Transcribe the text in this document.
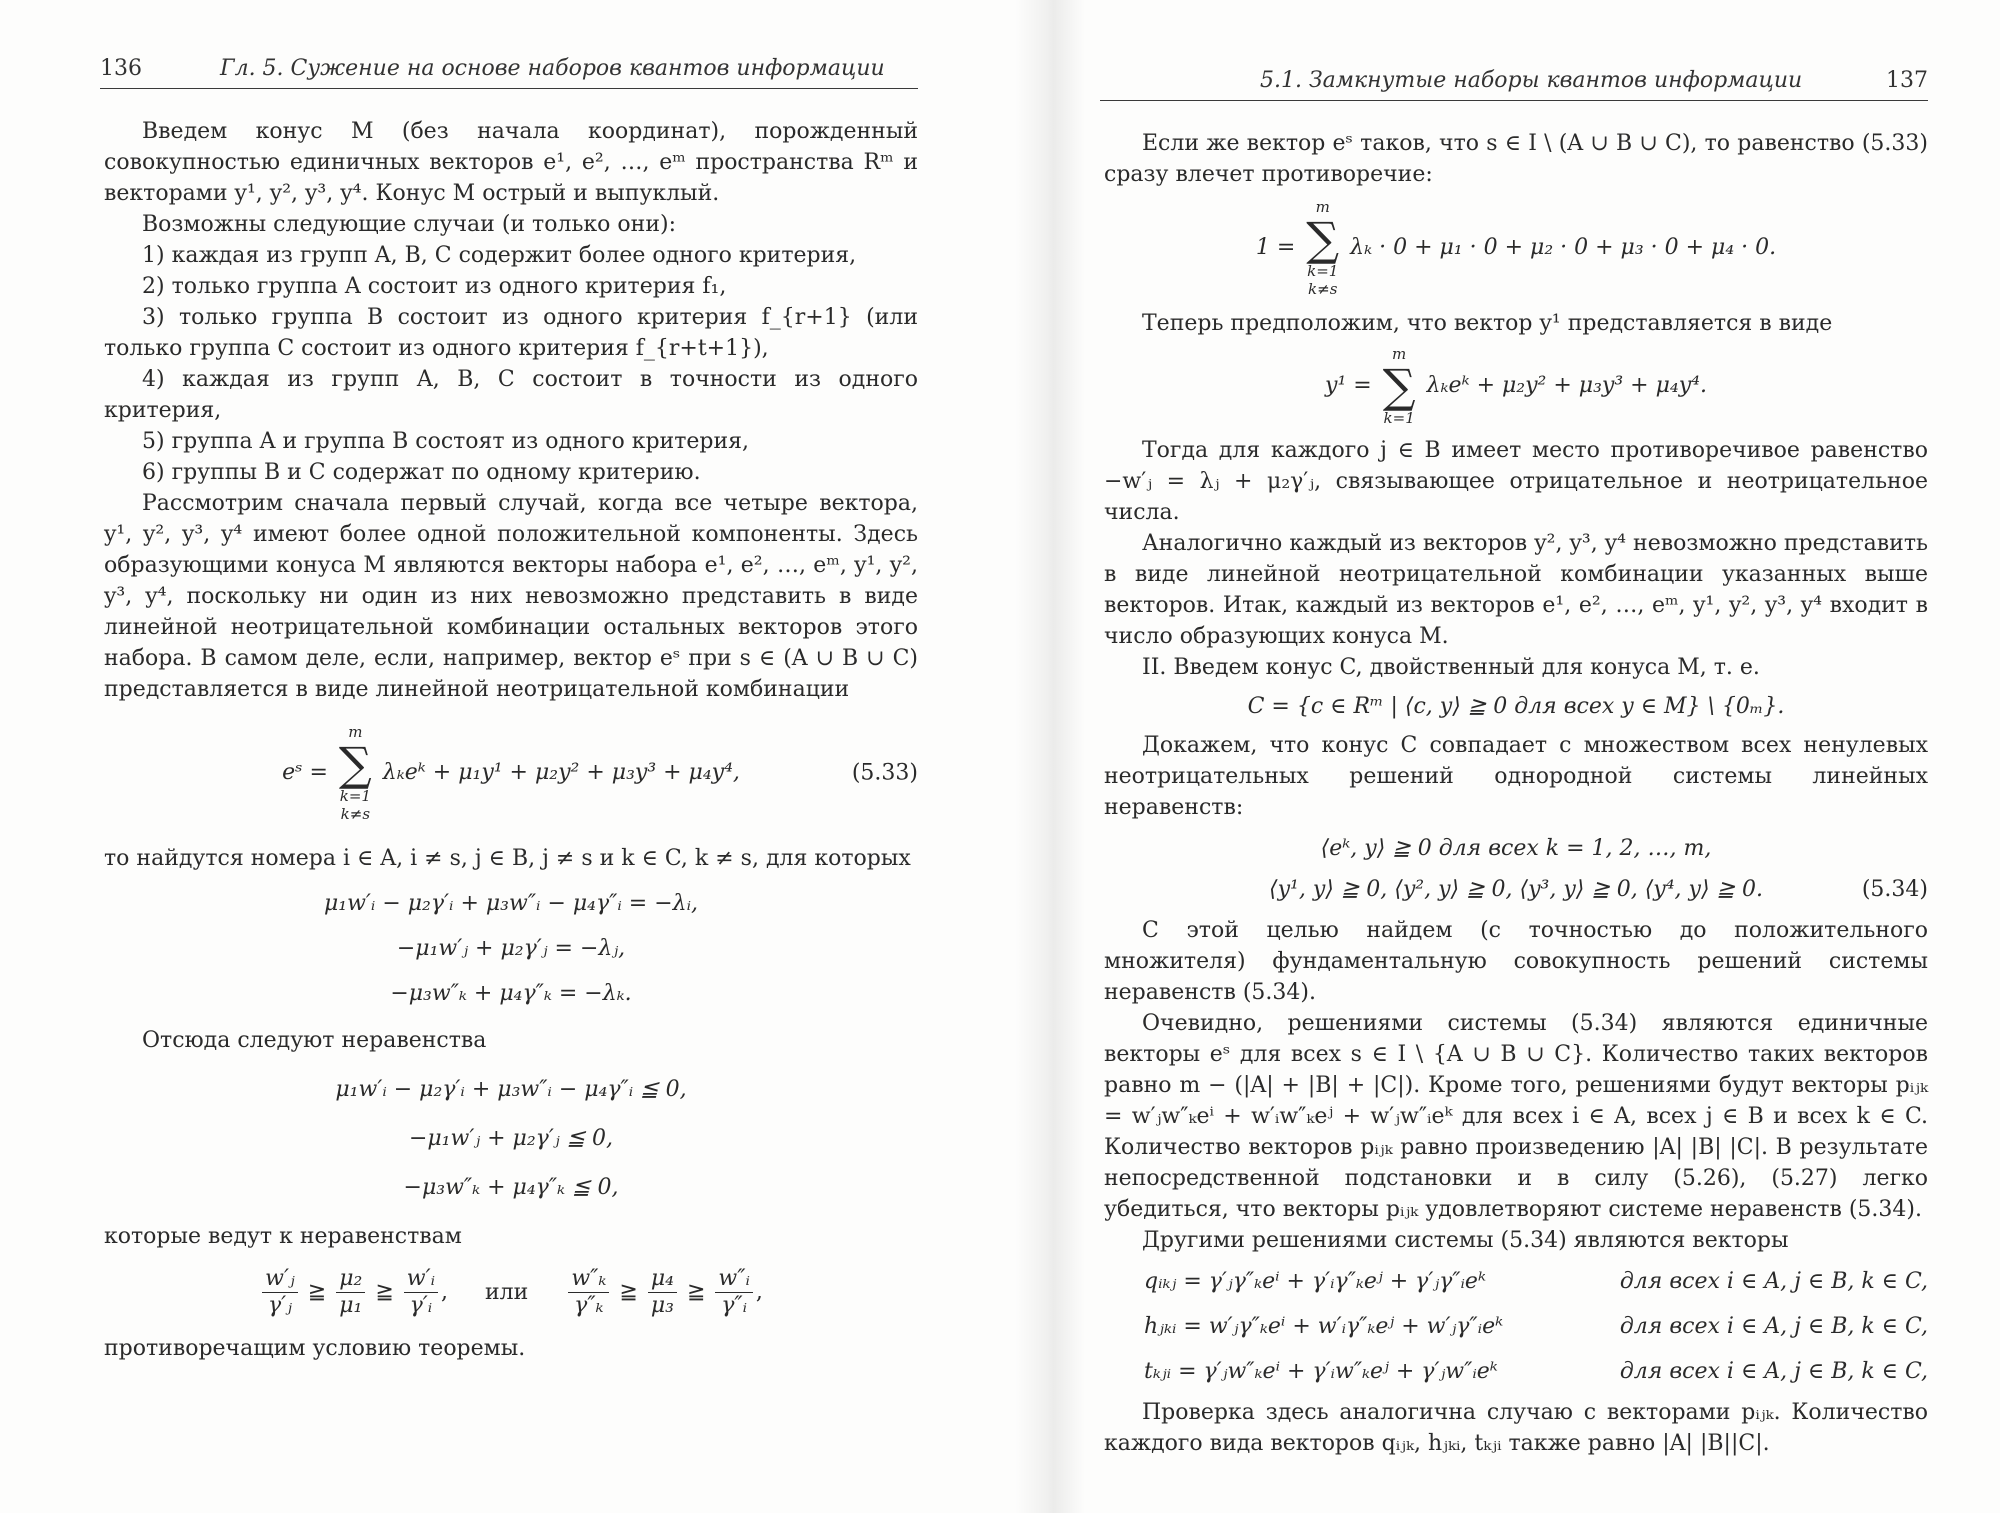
136	Гл. 5. Сужение на основе наборов квантов информации

Введем конус M (без начала координат), порожденный совокупностью единичных векторов e¹, e², …, eᵐ пространства Rᵐ и векторами y¹, y², y³, y⁴. Конус M острый и выпуклый.

Возможны следующие случаи (и только они):

1) каждая из групп A, B, C содержит более одного критерия,

2) только группа A состоит из одного критерия f₁,

3) только группа B состоит из одного критерия f_{r+1} (или только группа C состоит из одного критерия f_{r+t+1}),

4) каждая из групп A, B, C состоит в точности из одного критерия,

5) группа A и группа B состоят из одного критерия,

6) группы B и C содержат по одному критерию.

Рассмотрим сначала первый случай, когда все четыре вектора, y¹, y², y³, y⁴ имеют более одной положительной компоненты. Здесь образующими конуса M являются векторы набора e¹, e², …, eᵐ, y¹, y², y³, y⁴, поскольку ни один из них невозможно представить в виде линейной неотрицательной комбинации остальных векторов этого набора. В самом деле, если, например, вектор eˢ при s ∈ (A ∪ B ∪ C) представляется в виде линейной неотрицательной комбинации

eˢ =
m
∑
k=1
k≠s
λₖeᵏ + μ₁y¹ + μ₂y² + μ₃y³ + μ₄y⁴,	(5.33)

то найдутся номера i ∈ A, i ≠ s, j ∈ B, j ≠ s и k ∈ C, k ≠ s, для которых

μ₁w′ᵢ − μ₂γ′ᵢ + μ₃w″ᵢ − μ₄γ″ᵢ = −λᵢ,
−μ₁w′ⱼ + μ₂γ′ⱼ = −λⱼ,
−μ₃w″ₖ + μ₄γ″ₖ = −λₖ.

Отсюда следуют неравенства

μ₁w′ᵢ − μ₂γ′ᵢ + μ₃w″ᵢ − μ₄γ″ᵢ ≦ 0,
−μ₁w′ⱼ + μ₂γ′ⱼ ≦ 0,
−μ₃w″ₖ + μ₄γ″ₖ ≦ 0,

которые ведут к неравенствам

$\frac{\text{w′ⱼ}}{\text{γ′ⱼ}}$ ≧ $\frac{\text{μ₂}}{\text{μ₁}}$ ≧ $\frac{\text{w′ᵢ}}{\text{γ′ᵢ}}$ , или $\frac{\text{w″ₖ}}{\text{γ″ₖ}}$ ≧ $\frac{\text{μ₄}}{\text{μ₃}}$ ≧ $\frac{\text{w″ᵢ}}{\text{γ″ᵢ}}$ ,

противоречащим условию теоремы.

5.1. Замкнутые наборы квантов информации	137

Если же вектор eˢ таков, что s ∈ I \ (A ∪ B ∪ C), то равенство (5.33) сразу влечет противоречие:

1 =
m
∑
k=1
k≠s
λₖ · 0 + μ₁ · 0 + μ₂ · 0 + μ₃ · 0 + μ₄ · 0.

Теперь предположим, что вектор y¹ представляется в виде

y¹ =
m
∑
k=1
λₖeᵏ + μ₂y² + μ₃y³ + μ₄y⁴.

Тогда для каждого j ∈ B имеет место противоречивое равенство −w′ⱼ = λⱼ + μ₂γ′ⱼ, связывающее отрицательное и неотрицательное числа.

Аналогично каждый из векторов y², y³, y⁴ невозможно представить в виде линейной неотрицательной комбинации указанных выше векторов. Итак, каждый из векторов e¹, e², …, eᵐ, y¹, y², y³, y⁴ входит в число образующих конуса M.

II. Введем конус C, двойственный для конуса M, т. е.

C = {c ∈ Rᵐ | ⟨c, y⟩ ≧ 0 для всех y ∈ M} \ {0ₘ}.

Докажем, что конус C совпадает с множеством всех ненулевых неотрицательных решений однородной системы линейных неравенств:

⟨eᵏ, y⟩ ≧ 0 для всех k = 1, 2, …, m,
⟨y¹, y⟩ ≧ 0, ⟨y², y⟩ ≧ 0, ⟨y³, y⟩ ≧ 0, ⟨y⁴, y⟩ ≧ 0.	(5.34)

С этой целью найдем (с точностью до положительного множителя) фундаментальную совокупность решений системы неравенств (5.34).

Очевидно, решениями системы (5.34) являются единичные векторы eˢ для всех s ∈ I \ {A ∪ B ∪ C}. Количество таких векторов равно m − (|A| + |B| + |C|). Кроме того, решениями будут векторы pᵢⱼₖ = w′ⱼw″ₖeⁱ + w′ᵢw″ₖeʲ + w′ⱼw″ᵢeᵏ для всех i ∈ A, всех j ∈ B и всех k ∈ C. Количество векторов pᵢⱼₖ равно произведению |A| |B| |C|. В результате непосредственной подстановки и в силу (5.26), (5.27) легко убедиться, что векторы pᵢⱼₖ удовлетворяют системе неравенств (5.34).

Другими решениями системы (5.34) являются векторы

qᵢₖⱼ = γ′ⱼγ″ₖeⁱ + γ′ᵢγ″ₖeʲ + γ′ⱼγ″ᵢeᵏ	для всех i ∈ A, j ∈ B, k ∈ C,
hⱼₖᵢ = w′ⱼγ″ₖeⁱ + w′ᵢγ″ₖeʲ + w′ⱼγ″ᵢeᵏ	для всех i ∈ A, j ∈ B, k ∈ C,
tₖⱼᵢ = γ′ⱼw″ₖeⁱ + γ′ᵢw″ₖeʲ + γ′ⱼw″ᵢeᵏ	для всех i ∈ A, j ∈ B, k ∈ C,

Проверка здесь аналогична случаю с векторами pᵢⱼₖ. Количество каждого вида векторов qᵢⱼₖ, hⱼₖᵢ, tₖⱼᵢ также равно |A| |B||C|.
